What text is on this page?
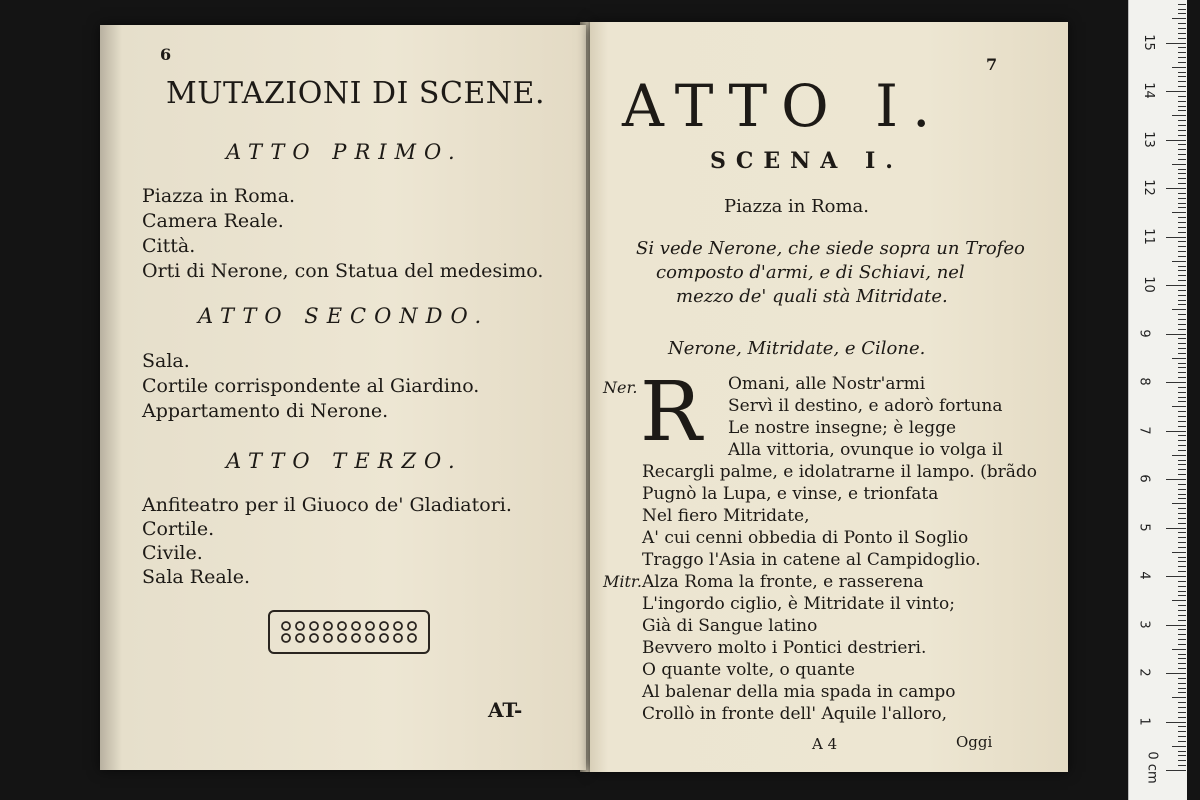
6
MUTAZIONI DI SCENE.
ATTO PRIMO.
Piazza in Roma.
Camera Reale.
Città.
Orti di Nerone, con Statua del medesimo.
ATTO SECONDO.
Sala.
Cortile corrispondente al Giardino.
Appartamento di Nerone.
ATTO TERZO.
Anfiteatro per il Giuoco de' Gladiatori.
Cortile.
Civile.
Sala Reale.
AT-
7
ATTO I.
SCENA I.
Piazza in Roma.
Si vede Nerone, che siede sopra un Trofeo
composto d'armi, e di Schiavi, nel
mezzo de' quali stà Mitridate.
Nerone, Mitridate, e Cilone.
Ner. R Omani, alle Nostr'armi
Servì il destino, e adorò fortuna
Le nostre insegne; è legge
Alla vittoria, ovunque io volga il
Recargli palme, e idolatrarne il lampo. (brãdo
Pugnò la Lupa, e vinse, e trionfata
Nel fiero Mitridate,
A' cui cenni obbedia di Ponto il Soglio
Traggo l'Asia in catene al Campidoglio.
Mitr. Alza Roma la fronte, e rasserena
L'ingordo ciglio, è Mitridate il vinto;
Già di Sangue latino
Bevvero molto i Pontici destrieri.
O quante volte, o quante
Al balenar della mia spada in campo
Crollò in fronte dell' Aquile l'alloro,
A 4	Oggi
1
2
3
4
5
6
7
8
9
10
11
12
13
14
15
0 cm
